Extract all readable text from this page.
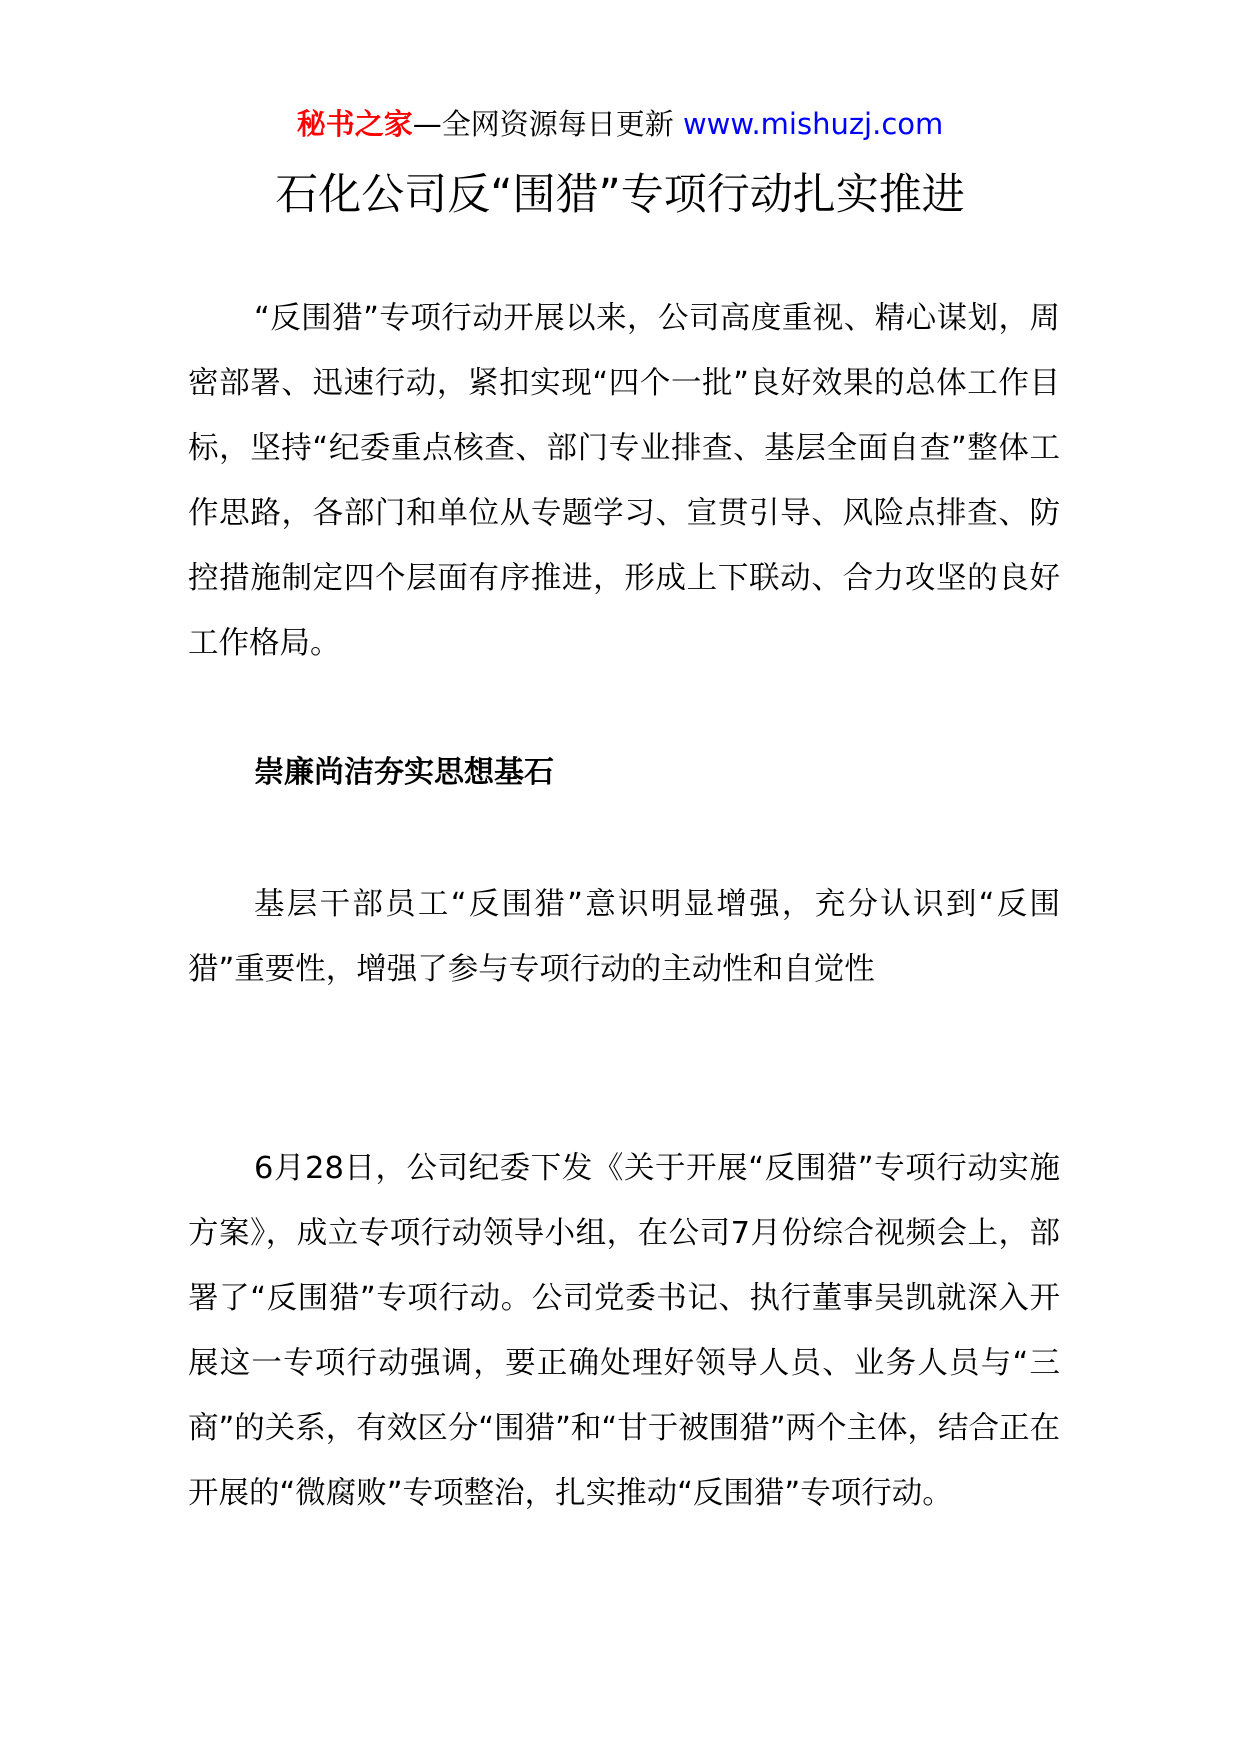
秘书之家—全网资源每日更新 www.mishuzj.com
石化公司反“围猎”专项行动扎实推进

“反围猎”专项行动开展以来，公司高度重视、精心谋划，周密部署、迅速行动，紧扣实现“四个一批”良好效果的总体工作目标，坚持“纪委重点核查、部门专业排查、基层全面自查”整体工作思路，各部门和单位从专题学习、宣贯引导、风险点排查、防控措施制定四个层面有序推进，形成上下联动、合力攻坚的良好工作格局。

崇廉尚洁夯实思想基石

基层干部员工“反围猎”意识明显增强，充分认识到“反围猎”重要性，增强了参与专项行动的主动性和自觉性

6月28日，公司纪委下发《关于开展“反围猎”专项行动实施方案》，成立专项行动领导小组，在公司7月份综合视频会上，部署了“反围猎”专项行动。公司党委书记、执行董事吴凯就深入开展这一专项行动强调，要正确处理好领导人员、业务人员与“三商”的关系，有效区分“围猎”和“甘于被围猎”两个主体，结合正在开展的“微腐败”专项整治，扎实推动“反围猎”专项行动。
